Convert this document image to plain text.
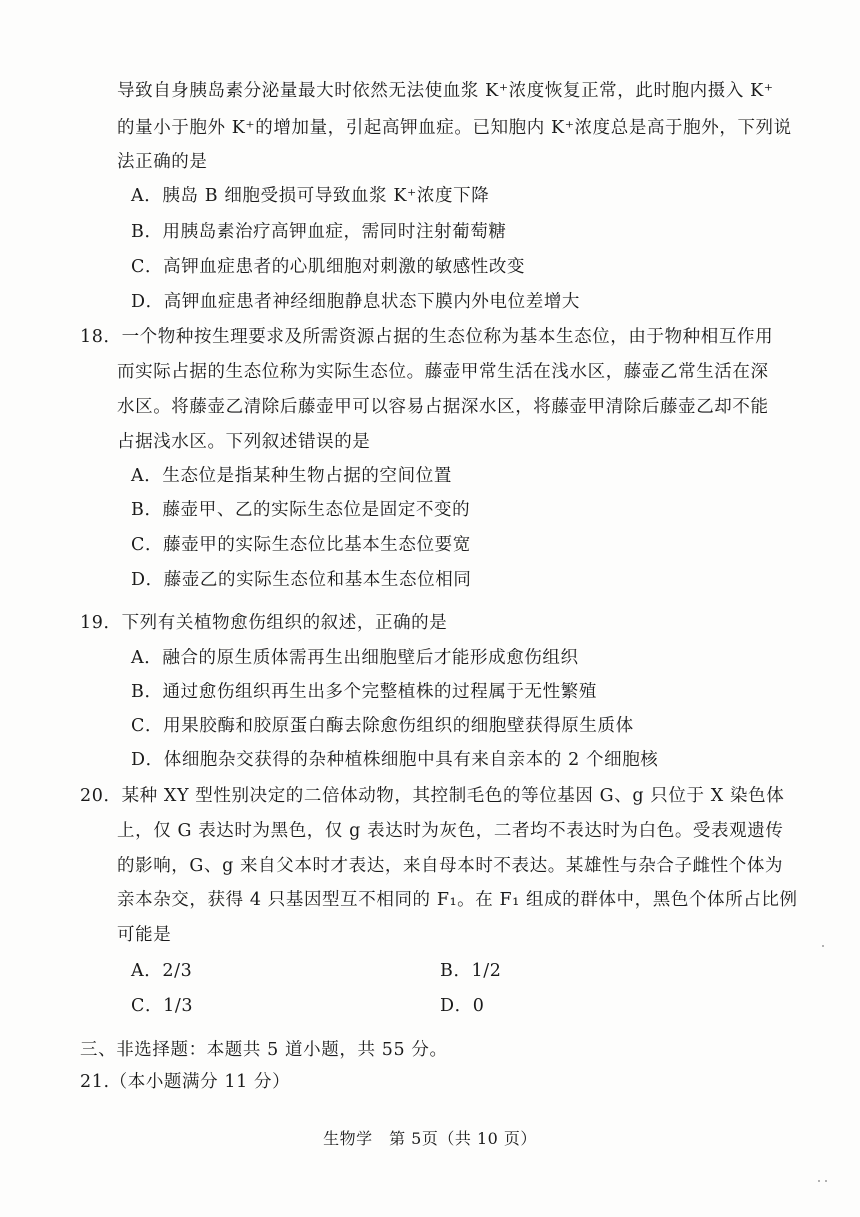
导致自身胰岛素分泌量最大时依然无法使血浆 K⁺浓度恢复正常，此时胞内摄入 K⁺
的量小于胞外 K⁺的增加量，引起高钾血症。已知胞内 K⁺浓度总是高于胞外，下列说
法正确的是
A．胰岛 B 细胞受损可导致血浆 K⁺浓度下降
B．用胰岛素治疗高钾血症，需同时注射葡萄糖
C．高钾血症患者的心肌细胞对刺激的敏感性改变
D．高钾血症患者神经细胞静息状态下膜内外电位差增大
18．一个物种按生理要求及所需资源占据的生态位称为基本生态位，由于物种相互作用
而实际占据的生态位称为实际生态位。藤壶甲常生活在浅水区，藤壶乙常生活在深
水区。将藤壶乙清除后藤壶甲可以容易占据深水区，将藤壶甲清除后藤壶乙却不能
占据浅水区。下列叙述错误的是
A．生态位是指某种生物占据的空间位置
B．藤壶甲、乙的实际生态位是固定不变的
C．藤壶甲的实际生态位比基本生态位要宽
D．藤壶乙的实际生态位和基本生态位相同
19．下列有关植物愈伤组织的叙述，正确的是
A．融合的原生质体需再生出细胞壁后才能形成愈伤组织
B．通过愈伤组织再生出多个完整植株的过程属于无性繁殖
C．用果胶酶和胶原蛋白酶去除愈伤组织的细胞壁获得原生质体
D．体细胞杂交获得的杂种植株细胞中具有来自亲本的 2 个细胞核
20．某种 XY 型性别决定的二倍体动物，其控制毛色的等位基因 G、g 只位于 X 染色体
上，仅 G 表达时为黑色，仅 g 表达时为灰色，二者均不表达时为白色。受表观遗传
的影响，G、g 来自父本时才表达，来自母本时不表达。某雄性与杂合子雌性个体为
亲本杂交，获得 4 只基因型互不相同的 F₁。在 F₁ 组成的群体中，黑色个体所占比例
可能是
A．2/3	B．1/2
C．1/3	D．0
三、非选择题：本题共 5 道小题，共 55 分。
21.（本小题满分 11 分）
生物学　第 5页（共 10 页）
